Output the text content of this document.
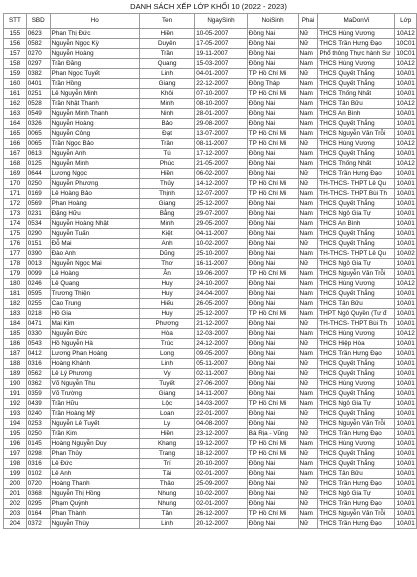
DANH SÁCH XẾP LỚP KHỐI 10 (2022 - 2023)
STT	SBD	Ho	Ten	NgaySinh	NoiSinh	Phai	MaDonVi	Lớp
155	0623	Phan Thị Đức	Hiền	10-05-2007	Đồng Nai	Nữ	THCS Hùng Vương	10A12
156	0582	Nguyễn Ngọc Kỳ	Duyên	17-05-2007	Đồng Nai	Nữ	THCS Trần Hưng Đạo	10C01
157	0270	Nguyễn Hoàng	Trần	19-11-2007	Đồng Nai	Nam	Phổ thông Thực hành Sư	10C01
158	0297	Trần Đăng	Quang	15-03-2007	Đồng Nai	Nam	THCS Hùng Vương	10A12
159	0382	Phan Ngọc Tuyết	Linh	04-01-2007	TP Hồ Chí Mi	Nữ	THCS Quyết Thắng	10A01
160	0401	Trần Hồng	Giang	22-12-2007	Đồng Tháp	Nam	THCS Quyết Thắng	10A01
161	0251	Lê Nguyễn Minh	Khôi	07-10-2007	TP Hồ Chí Mi	Nam	THCS Thống Nhất	10A01
162	0528	Trần Nhật Thanh	Minh	08-10-2007	Đồng Nai	Nam	THCS Tân Bửu	10A12
163	0549	Nguyễn Minh Thanh	Ninh	28-01-2007	Đồng Nai	Nam	THCS An Bình	10A01
164	0326	Nguyễn Hoàng	Bảo	29-08-2007	Đồng Nai	Nam	THCS Quyết Thắng	10A01
165	0065	Nguyễn Công	Đạt	13-07-2007	TP Hồ Chí Mi	Nam	THCS Nguyễn Văn Trỗi	10A01
166	0065	Trần Ngọc Bảo	Trân	08-11-2007	TP Hồ Chí Mi	Nữ	THCS Hùng Vương	10A12
167	0613	Nguyễn Anh	Tú	17-12-2007	Đồng Nai	Nam	THCS Quyết Thắng	10A01
168	0125	Nguyễn Minh	Phúc	21-05-2007	Đồng Nai	Nam	THCS Thống Nhất	10A12
169	0644	Lương Ngọc	Hiền	06-02-2007	Đồng Nai	Nữ	THCS Trần Hưng Đạo	10A01
170	0250	Nguyễn Phương	Thủy	14-12-2007	TP Hồ Chí Mi	Nữ	TH-THCS- THPT Lê Qu	10A01
171	0169	Lê Hoàng Bảo	Thịnh	12-07-2007	TP Hồ Chí Mi	Nam	TH-THCS- THPT Bùi Th	10A01
172	0569	Phan Hoàng	Giang	25-12-2007	Đồng Nai	Nam	THCS Quyết Thắng	10A01
173	0231	Đặng Hữu	Bằng	29-07-2007	Đồng Nai	Nam	THCS Ngô Gia Tự	10A01
174	0534	Nguyễn Hoàng Nhật	Minh	29-05-2007	Đồng Nai	Nam	THCS An Bình	10A01
175	0290	Nguyễn Tuấn	Kiệt	04-11-2007	Đồng Nai	Nam	THCS Quyết Thắng	10A01
176	0151	Đỗ Mai	Anh	10-02-2007	Đồng Nai	Nữ	THCS Quyết Thắng	10A01
177	0390	Đào Anh	Dũng	25-10-2007	Đồng Nai	Nam	TH-THCS- THPT Lê Qu	10A02
178	0013	Nguyễn Ngọc Mai	Thơ	16-11-2007	Đồng Nai	Nữ	THCS Ngô Gia Tự	10A01
179	0099	Lê Hoàng	Ân	19-06-2007	TP Hồ Chí Mi	Nam	THCS Nguyễn Văn Trỗi	10A01
180	0246	Lê Quang	Huy	24-10-2007	Đồng Nai	Nam	THCS Hùng Vương	10A12
181	0595	Trương Thiện	Huy	24-04-2007	Đồng Nai	Nam	THCS Quyết Thắng	10A01
182	0255	Cao Trung	Hiếu	26-05-2007	Đồng Nai	Nam	THCS Tân Bửu	10A01
183	0218	Hồ Gia	Huy	25-12-2007	TP Hồ Chí Mi	Nam	THPT Ngô Quyền (Tư đ	10A01
184	0471	Mai Kim	Phương	21-12-2007	Đồng Nai	Nữ	TH-THCS- THPT Bùi Th	10A01
185	0330	Nguyễn Đức	Hòa	12-03-2007	Đồng Nai	Nam	THCS Hùng Vương	10A12
186	0543	Hồ Nguyễn Hà	Trúc	24-12-2007	Đồng Nai	Nữ	THCS Hiệp Hòa	10A01
187	0412	Lương Phan Hoàng	Long	09-05-2007	Đồng Nai	Nam	THCS Trần Hưng Đạo	10A01
188	0316	Hoàng Khánh	Linh	05-11-2007	Đồng Nai	Nữ	THCS Quyết Thắng	10A01
189	0562	Lê Lý Phương	Vy	02-11-2007	Đồng Nai	Nữ	THCS Quyết Thắng	10A01
190	0362	Võ Nguyễn Thu	Tuyết	27-06-2007	Đồng Nai	Nữ	THCS Hùng Vương	10A01
191	0359	Võ Trường	Giang	14-11-2007	Đồng Nai	Nam	THCS Quyết Thắng	10A01
192	0439	Trần Hữu	Lộc	14-03-2007	TP Hồ Chí Mi	Nam	THCS Ngô Gia Tự	10A01
193	0240	Trần Hoàng Mỹ	Loan	22-01-2007	Đồng Nai	Nữ	THCS Quyết Thắng	10A01
194	0253	Nguyễn Lê Tuyết	Ly	04-08-2007	Đồng Nai	Nữ	THCS Nguyễn Văn Trỗi	10A01
195	0250	Trần Kim	Hiền	23-12-2007	Bà Rịa - Vũng	Nữ	THCS Trần Hưng Đạo	10A01
196	0145	Hoàng Nguyễn Duy	Khang	19-12-2007	TP Hồ Chí Mi	Nam	THCS Hùng Vương	10A01
197	0298	Phan Thủy	Trang	18-12-2007	TP Hồ Chí Mi	Nữ	THCS Quyết Thắng	10A01
198	0316	Lê Đức	Trí	20-10-2007	Đồng Nai	Nam	THCS Quyết Thắng	10A01
199	0102	Lê Anh	Tài	02-01-2007	Đồng Nai	Nam	THCS Tân Bửu	10A01
200	0720	Hoàng Thanh	Thảo	25-09-2007	Đồng Nai	Nữ	THCS Trần Hưng Đạo	10A01
201	0368	Nguyễn Thị Hồng	Nhung	10-02-2007	Đồng Nai	Nữ	THCS Ngô Gia Tự	10A01
202	0295	Phạm Quỳnh	Nhung	02-01-2007	Đồng Nai	Nữ	THCS Trần Hưng Đạo	10A01
203	0164	Phan Thành	Tân	26-12-2007	TP Hồ Chí Mi	Nam	THCS Nguyễn Văn Trỗi	10A01
204	0372	Nguyễn Thùy	Linh	20-12-2007	Đồng Nai	Nữ	THCS Trần Hưng Đạo	10A01
